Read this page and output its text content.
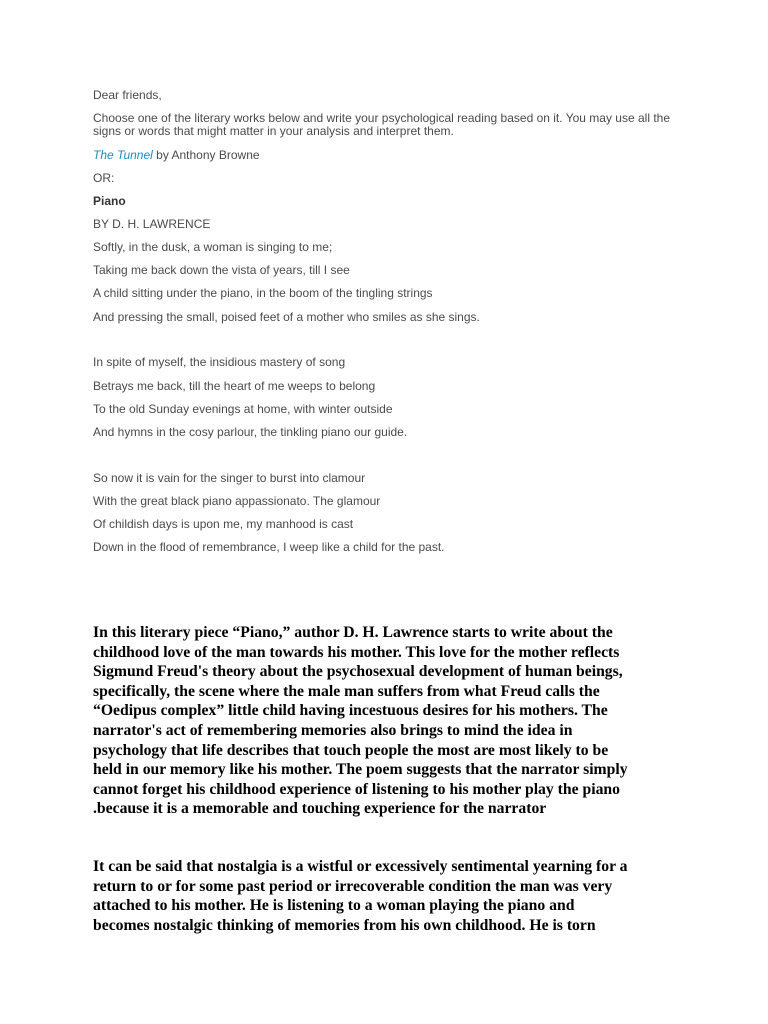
Dear friends,
Choose one of the literary works below and write your psychological reading based on it. You may use all the signs or words that might matter in your analysis and interpret them.
The Tunnel by Anthony Browne
OR:
Piano
BY D. H. LAWRENCE
Softly, in the dusk, a woman is singing to me;
Taking me back down the vista of years, till I see
A child sitting under the piano, in the boom of the tingling strings
And pressing the small, poised feet of a mother who smiles as she sings.
In spite of myself, the insidious mastery of song
Betrays me back, till the heart of me weeps to belong
To the old Sunday evenings at home, with winter outside
And hymns in the cosy parlour, the tinkling piano our guide.
So now it is vain for the singer to burst into clamour
With the great black piano appassionato. The glamour
Of childish days is upon me, my manhood is cast
Down in the flood of remembrance, I weep like a child for the past.
In this literary piece “Piano,” author D. H. Lawrence starts to write about the
childhood love of the man towards his mother. This love for the mother reflects
Sigmund Freud's theory about the psychosexual development of human beings,
specifically, the scene where the male man suffers from what Freud calls the
“Oedipus complex” little child having incestuous desires for his mothers. The
narrator's act of remembering memories also brings to mind the idea in
psychology that life describes that touch people the most are most likely to be
held in our memory like his mother. The poem suggests that the narrator simply
cannot forget his childhood experience of listening to his mother play the piano
.because it is a memorable and touching experience for the narrator
It can be said that nostalgia is a wistful or excessively sentimental yearning for a
return to or for some past period or irrecoverable condition the man was very
attached to his mother. He is listening to a woman playing the piano and
becomes nostalgic thinking of memories from his own childhood. He is torn
